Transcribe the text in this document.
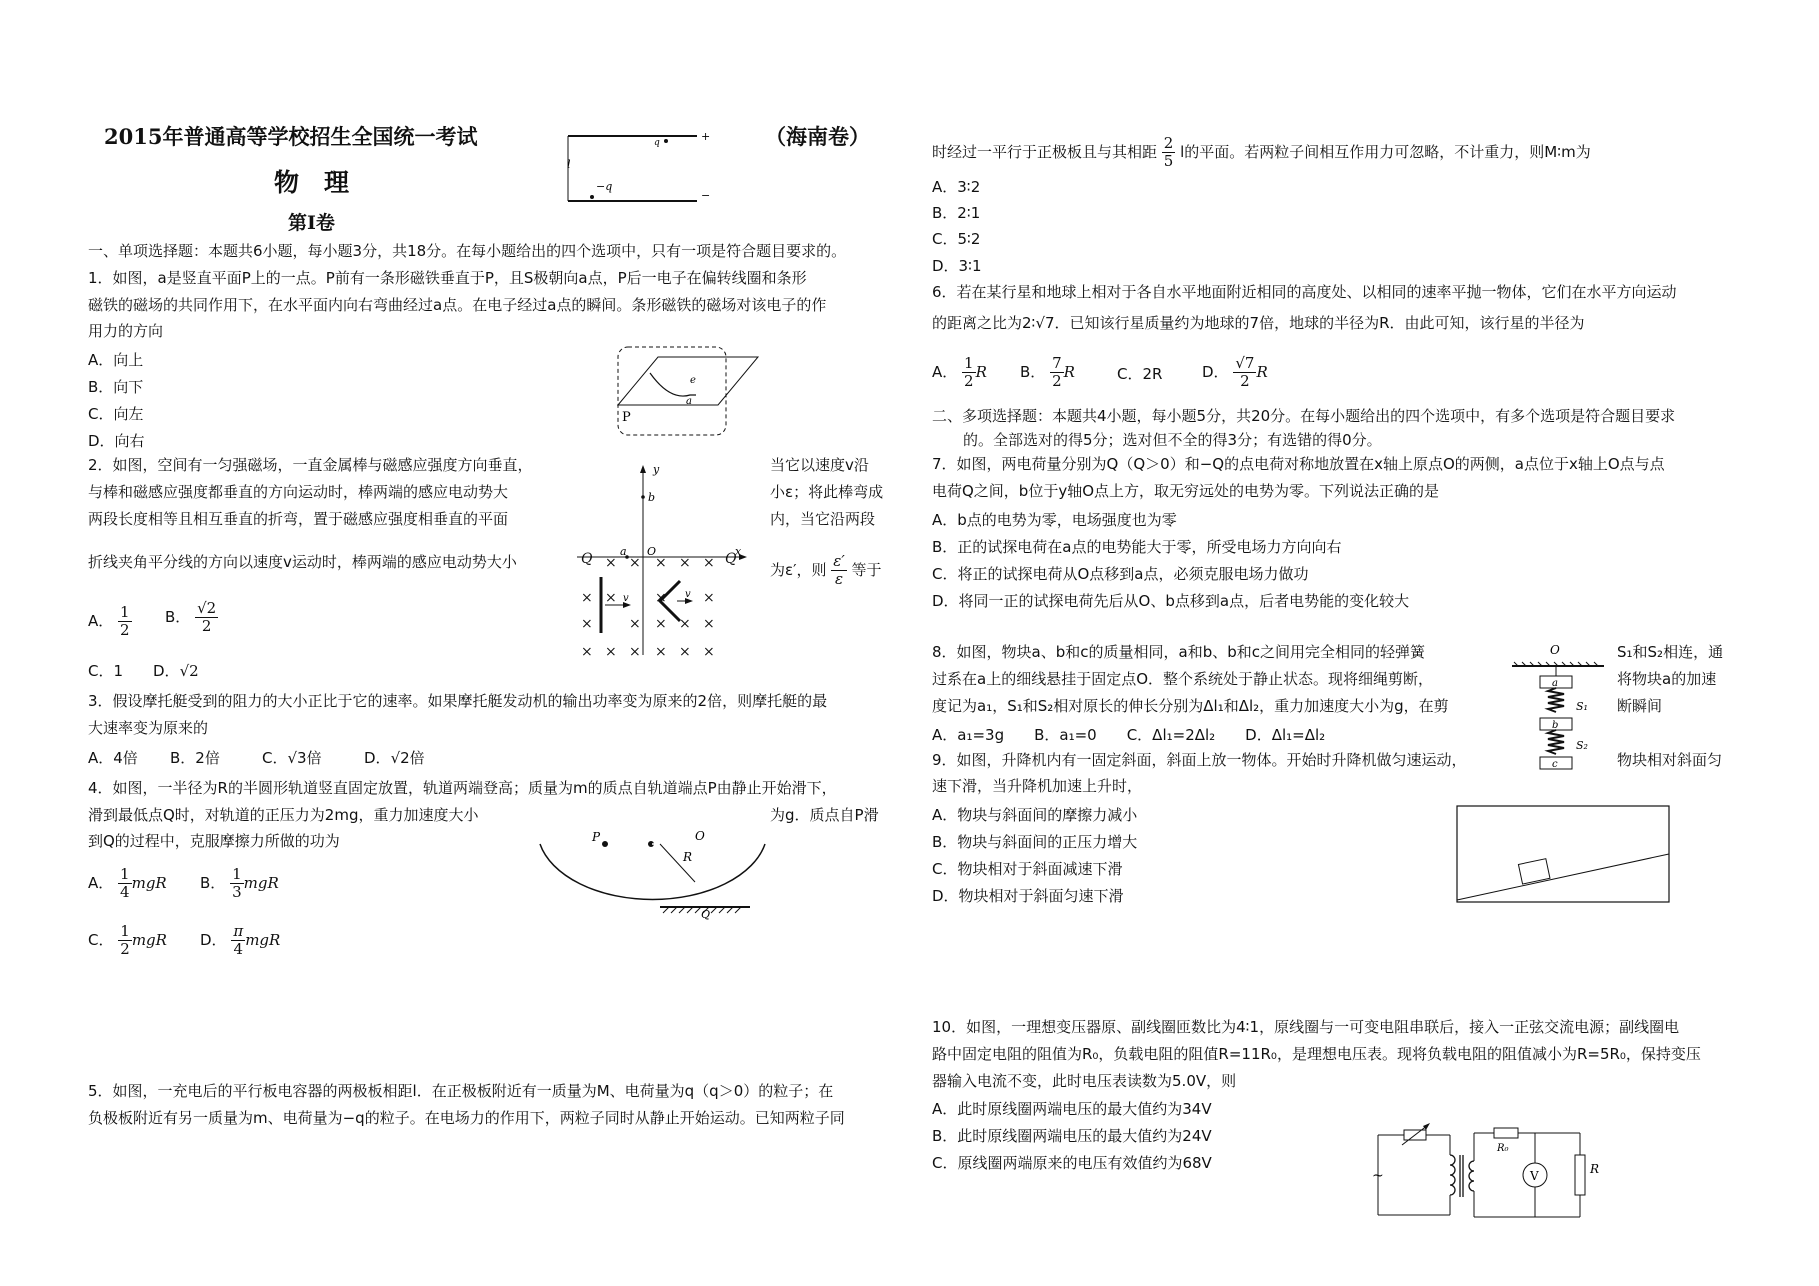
2015年普通高等学校招生全国统一考试	（海南卷）
物　理
第I卷
+
−
q
−q
l
一、单项选择题：本题共6小题，每小题3分，共18分。在每小题给出的四个选项中，只有一项是符合题目要求的。
1．如图，a是竖直平面P上的一点。P前有一条形磁铁垂直于P，且S极朝向a点，P后一电子在偏转线圈和条形
磁铁的磁场的共同作用下，在水平面内向右弯曲经过a点。在电子经过a点的瞬间。条形磁铁的磁场对该电子的作
用力的方向
A．向上
B．向下
C．向左
D．向右
e
a
P
2．如图，空间有一匀强磁场，一直金属棒与磁感应强度方向垂直，	当它以速度v沿
与棒和磁感应强度都垂直的方向运动时，棒两端的感应电动势大	小ε；将此棒弯成
两段长度相等且相互垂直的折弯，置于磁感应强度相垂直的平面	内，当它沿两段
折线夹角平分线的方向以速度v运动时，棒两端的感应电动势大小	为ε′，则 $\frac{\varepsilon'}{\varepsilon}$ 等于
y
x
b
O
a
Q × × × × × Q
× ×	×	×
×	× × × ×
× × × × × ×
v	v
A． $\frac{1}{2}$ B． $\frac{√2}{2}$
C．1 D．√2
3．假设摩托艇受到的阻力的大小正比于它的速率。如果摩托艇发动机的输出功率变为原来的2倍，则摩托艇的最
大速率变为原来的
A．4倍 B．2倍	C．√3倍	D．√2倍
4．如图，一半径为R的半圆形轨道竖直固定放置，轨道两端登高；质量为m的质点自轨道端点P由静止开始滑下，
滑到最低点Q时，对轨道的正压力为2mg，重力加速度大小	为g．质点自P滑
到Q的过程中，克服摩擦力所做的功为	P	O
R
Q
A． $\frac{1}{4}$ mgR B． $\frac{1}{3}$ mgR
C． $\frac{1}{2}$ mgR D． $\frac{\pi}{4}$ mgR
5．如图，一充电后的平行板电容器的两极板相距l．在正极板附近有一质量为M、电荷量为q（q＞0）的粒子；在
负极板附近有另一质量为m、电荷量为−q的粒子。在电场力的作用下，两粒子同时从静止开始运动。已知两粒子同
时经过一平行于正极板且与其相距 $\frac{2}{5}$ l的平面。若两粒子间相互作用力可忽略，不计重力，则M∶m为
A．3∶2
B．2∶1
C．5∶2
D．3∶1
6．若在某行星和地球上相对于各自水平地面附近相同的高度处、以相同的速率平抛一物体，它们在水平方向运动
的距离之比为2∶√7．已知该行星质量约为地球的7倍，地球的半径为R．由此可知，该行星的半径为
A． $\frac{1}{2}$ R B． $\frac{7}{2}$ R	C．2R	D． $\frac{√7}{2}$ R
二、多项选择题：本题共4小题，每小题5分，共20分。在每小题给出的四个选项中，有多个选项是符合题目要求
的。全部选对的得5分；选对但不全的得3分；有选错的得0分。
7．如图，两电荷量分别为Q（Q＞0）和−Q的点电荷对称地放置在x轴上原点O的两侧，a点位于x轴上O点与点
电荷Q之间，b位于y轴O点上方，取无穷远处的电势为零。下列说法正确的是
A．b点的电势为零，电场强度也为零
B．正的试探电荷在a点的电势能大于零，所受电场力方向向右
C．将正的试探电荷从O点移到a点，必须克服电场力做功
D．将同一正的试探电荷先后从O、b点移到a点，后者电势能的变化较大
8．如图，物块a、b和c的质量相同，a和b、b和c之间用完全相同的轻弹簧	S₁和S₂相连，通
过系在a上的细线悬挂于固定点O．整个系统处于静止状态。现将细绳剪断，	将物块a的加速
度记为a₁，S₁和S₂相对原长的伸长分别为Δl₁和Δl₂，重力加速度大小为g，在剪	断瞬间
A．a₁=3g　　B．a₁=0　　C．Δl₁=2Δl₂　　D．Δl₁=Δl₂
O
a
S₁
b
S₂
c
9．如图，升降机内有一固定斜面，斜面上放一物体。开始时升降机做匀速运动，	物块相对斜面匀
速下滑，当升降机加速上升时，
A．物块与斜面间的摩擦力减小
B．物块与斜面间的正压力增大
C．物块相对于斜面减速下滑
D．物块相对于斜面匀速下滑
10．如图，一理想变压器原、副线圈匝数比为4∶1，原线圈与一可变电阻串联后，接入一正弦交流电源；副线圈电
路中固定电阻的阻值为R₀，负载电阻的阻值R=11R₀，是理想电压表。现将负载电阻的阻值减小为R=5R₀，保持变压
器输入电流不变，此时电压表读数为5.0V，则
A．此时原线圈两端电压的最大值约为34V
B．此时原线圈两端电压的最大值约为24V
C．原线圈两端原来的电压有效值约为68V
~
R₀
V	R
